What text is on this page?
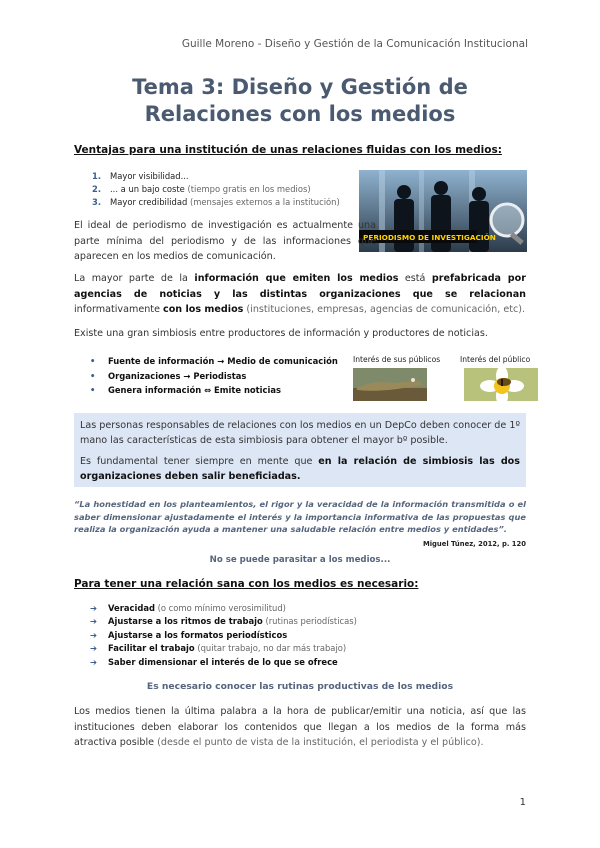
Guille Moreno - Diseño y Gestión de la Comunicación Institucional
Tema 3: Diseño y Gestión de
Relaciones con los medios
Ventajas para una institución de unas relaciones fluidas con los medios:
1. Mayor visibilidad...
2. ... a un bajo coste (tiempo gratis en los medios)
3. Mayor credibilidad (mensajes externos a la institución)
PERIODISMO DE INVESTIGACIÓN
El ideal de periodismo de investigación es actualmente una parte mínima del periodismo y de las informaciones que aparecen en los medios de comunicación.
La mayor parte de la información que emiten los medios está prefabricada por agencias de noticias y las distintas organizaciones que se relacionan informativamente con los medios (instituciones, empresas, agencias de comunicación, etc).
Existe una gran simbiosis entre productores de información y productores de noticias.
• Fuente de información → Medio de comunicación
• Organizaciones → Periodistas
• Genera información ⇔ Emite noticias
Interés de sus públicos	Interés del público

Las personas responsables de relaciones con los medios en un DepCo deben conocer de 1º mano las características de esta simbiosis para obtener el mayor bº posible.

Es fundamental tener siempre en mente que en la relación de simbiosis las dos organizaciones deben salir beneficiadas.

“La honestidad en los planteamientos, el rigor y la veracidad de la información transmitida o el saber dimensionar ajustadamente el interés y la importancia informativa de las propuestas que realiza la organización ayuda a mantener una saludable relación entre medios y entidades”.
Miguel Túnez, 2012, p. 120
No se puede parasitar a los medios...
Para tener una relación sana con los medios es necesario:
➔ Veracidad (o como mínimo verosimilitud)
➔ Ajustarse a los ritmos de trabajo (rutinas periodísticas)
➔ Ajustarse a los formatos periodísticos
➔ Facilitar el trabajo (quitar trabajo, no dar más trabajo)
➔ Saber dimensionar el interés de lo que se ofrece
Es necesario conocer las rutinas productivas de los medios
Los medios tienen la última palabra a la hora de publicar/emitir una noticia, así que las instituciones deben elaborar los contenidos que llegan a los medios de la forma más atractiva posible (desde el punto de vista de la institución, el periodista y el público).
1
